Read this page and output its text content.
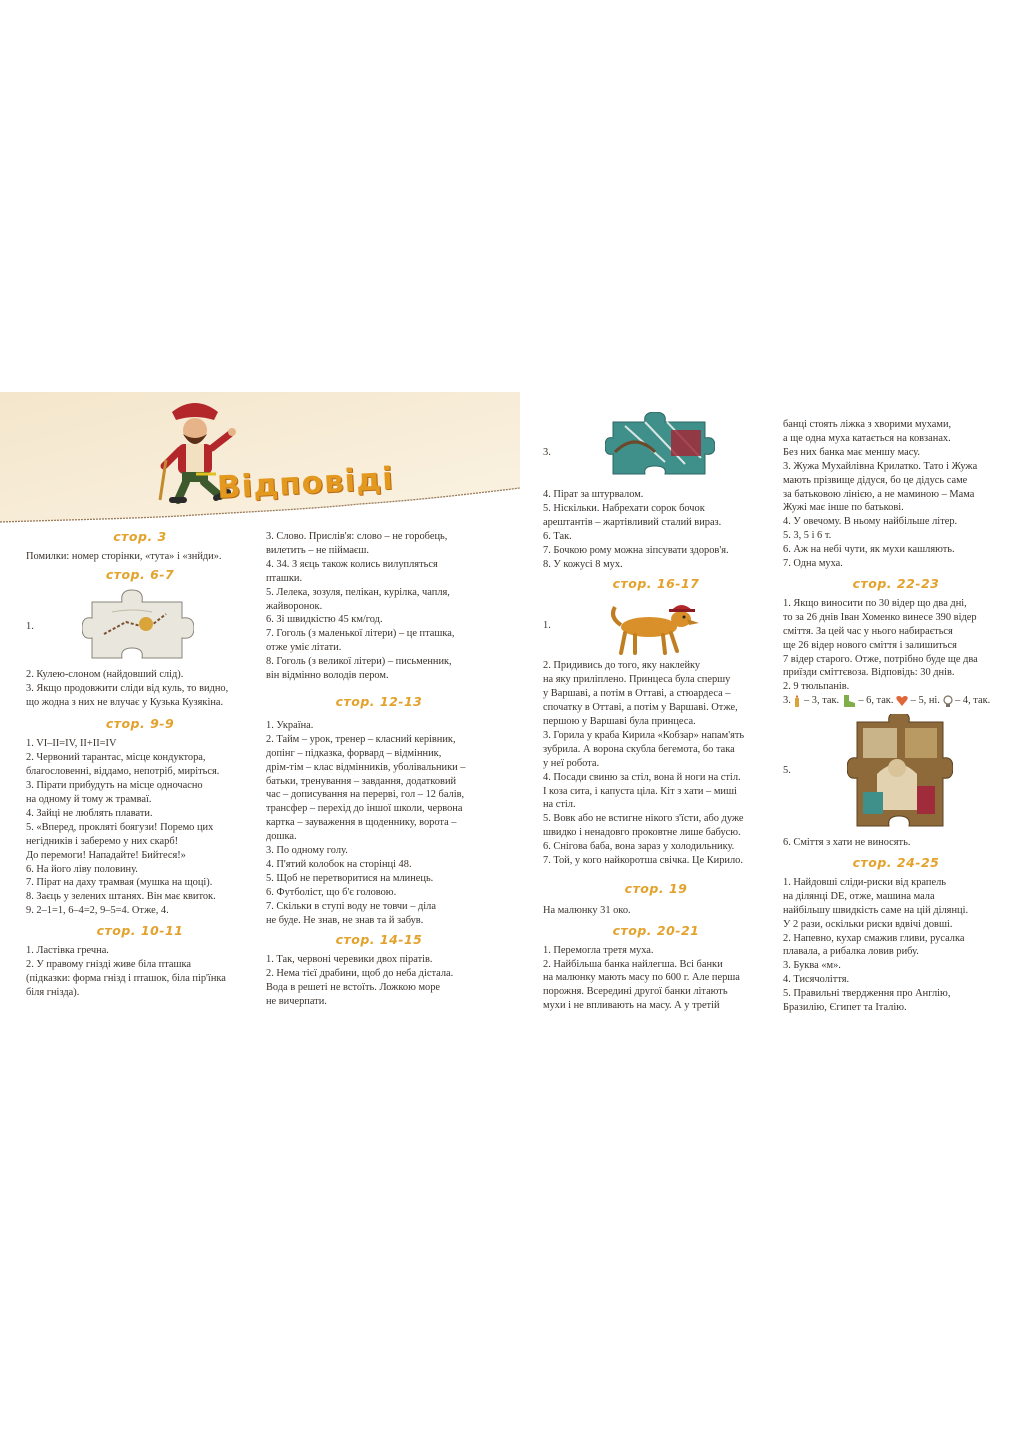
Відповіді

стор. 3

Помилки: номер сторінки, «тута» і «знйди».

стор. 6-7

1.

2. Кулею-слоном (найдовший слід).

3. Якщо продовжити сліди від куль, то видно,

що жодна з них не влучає у Кузька Кузякіна.

стор. 9-9

1. VI–II=IV, II+II=IV

2. Червоний тарантас, місце кондуктора,

благословенні, віддамо, непотріб, миріться.

3. Пірати прибудуть на місце одночасно

на одному й тому ж трамваї.

4. Зайці не люблять плавати.

5. «Вперед, прокляті боягузи! Поремо цих

негідників і заберемо у них скарб!

До перемоги! Нападайте! Бийтеся!»

6. На його ліву половину.

7. Пірат на даху трамвая (мушка на щоці).

8. Заєць у зелених штанях. Він має квиток.

9. 2–1=1, 6–4=2, 9–5=4. Отже, 4.

стор. 10-11

1. Ластівка гречна.

2. У правому гнізді живе біла пташка

(підказки: форма гнізд і пташок, біла пір'їнка

біля гнізда).

3. Слово. Прислів'я: слово – не горобець,

вилетить – не піймаєш.

4. 34. З яєць також колись вилупляться

пташки.

5. Лелека, зозуля, пелікан, курілка, чапля,

жайворонок.

6. Зі швидкістю 45 км/год.

7. Гоголь (з маленької літери) – це пташка,

отже уміє літати.

8. Гоголь (з великої літери) – письменник,

він відмінно володів пером.

стор. 12-13

1. Україна.

2. Тайм – урок, тренер – класний керівник,

допінг – підказка, форвард – відмінник,

дрім-тім – клас відмінників, уболівальники –

батьки, тренування – завдання, додатковий

час – дописування на перерві, гол – 12 балів,

трансфер – перехід до іншої школи, червона

картка – зауваження в щоденнику, ворота –

дошка.

3. По одному голу.

4. П'ятий колобок на сторінці 48.

5. Щоб не перетворитися на млинець.

6. Футболіст, що б'є головою.

7. Скільки в ступі воду не товчи – діла

не буде. Не знав, не знав та й забув.

стор. 14-15

1. Так, червоні черевики двох піратів.

2. Нема тієї драбини, щоб до неба дістала.

Вода в решеті не встоїть. Ложкою море

не вичерпати.

3.

4. Пірат за штурвалом.

5. Ніскільки. Набрехати сорок бочок

арештантів – жартівливий сталий вираз.

6. Так.

7. Бочкою рому можна зіпсувати здоров'я.

8. У кожусі 8 мух.

стор. 16-17

1.

2. Придивись до того, яку наклейку

на яку приліплено. Принцеса була спершу

у Варшаві, а потім в Оттаві, а стюардеса –

спочатку в Оттаві, а потім у Варшаві. Отже,

першою у Варшаві була принцеса.

3. Горила у краба Кирила «Кобзар» напам'ять

зубрила. А ворона скубла бегемота, бо така

у неї робота.

4. Посади свиню за стіл, вона й ноги на стіл.

І коза сита, і капуста ціла. Кіт з хати – миші

на стіл.

5. Вовк або не встигне нікого з'їсти, або дуже

швидко і ненадовго проковтне лише бабусю.

6. Снігова баба, вона зараз у холодильнику.

7. Той, у кого найкоротша свічка. Це Кирило.

стор. 19

На малюнку 31 око.

стор. 20-21

1. Перемогла третя муха.

2. Найбільша банка найлегша. Всі банки

на малюнку мають масу по 600 г. Але перша

порожня. Всередині другої банки літають

мухи і не впливають на масу. А у третій

банці стоять ліжка з хворими мухами,

а ще одна муха катається на ковзанах.

Без них банка має меншу масу.

3. Жужа Мухайлівна Крилатко. Тато і Жужа

мають прізвище дідуся, бо це дідусь саме

за батьковою лінією, а не маминою – Мама

Жужі має інше по батькові.

4. У овечому. В ньому найбільше літер.

5. 3, 5 і 6 т.

6. Аж на небі чути, як мухи кашляють.

7. Одна муха.

стор. 22-23

1. Якщо виносити по 30 відер що два дні,

то за 26 днів Іван Хоменко винесе 390 відер

сміття. За цей час у нього набирається

ще 26 відер нового сміття і залишиться

7 відер старого. Отже, потрібно буде ще два

приїзди сміттєвоза. Відповідь: 30 днів.

2. 9 тюльпанів.

3. – 3, так. – 6, так. – 5, ні. – 4, так.

5.

6. Сміття з хати не виносять.

стор. 24-25

1. Найдовші сліди-риски від крапель

на ділянці DE, отже, машина мала

найбільшу швидкість саме на цій ділянці.

У 2 рази, оскільки риски вдвічі довші.

2. Напевно, кухар смажив гливи, русалка

плавала, а рибалка ловив рибу.

3. Буква «м».

4. Тисячоліття.

5. Правильні твердження про Англію,

Бразилію, Єгипет та Італію.
